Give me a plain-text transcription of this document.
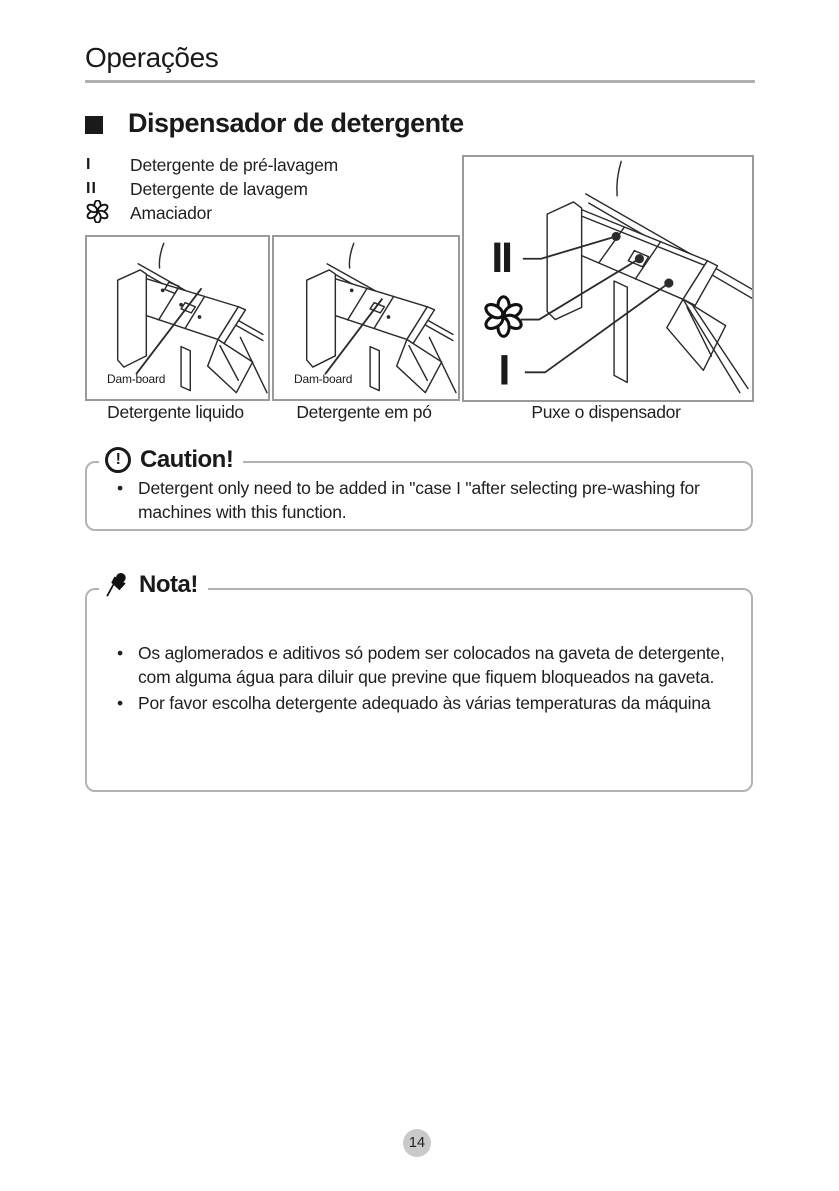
Operações
Dispensador de detergente
I	Detergente de pré-lavagem
II	Detergente de lavagem
Amaciador
Dam-board	Dam-board
II
I
Detergente liquido	Detergente em pó	Puxe o dispensador
! Caution!
• Detergent only need to be added in "case I "after selecting pre-washing for machines with this function.
Nota!
• Os aglomerados e aditivos só podem ser colocados na gaveta de detergente, com alguma água para diluir que previne que fiquem bloqueados na gaveta.
• Por favor escolha detergente adequado às várias temperaturas da máquina
14
